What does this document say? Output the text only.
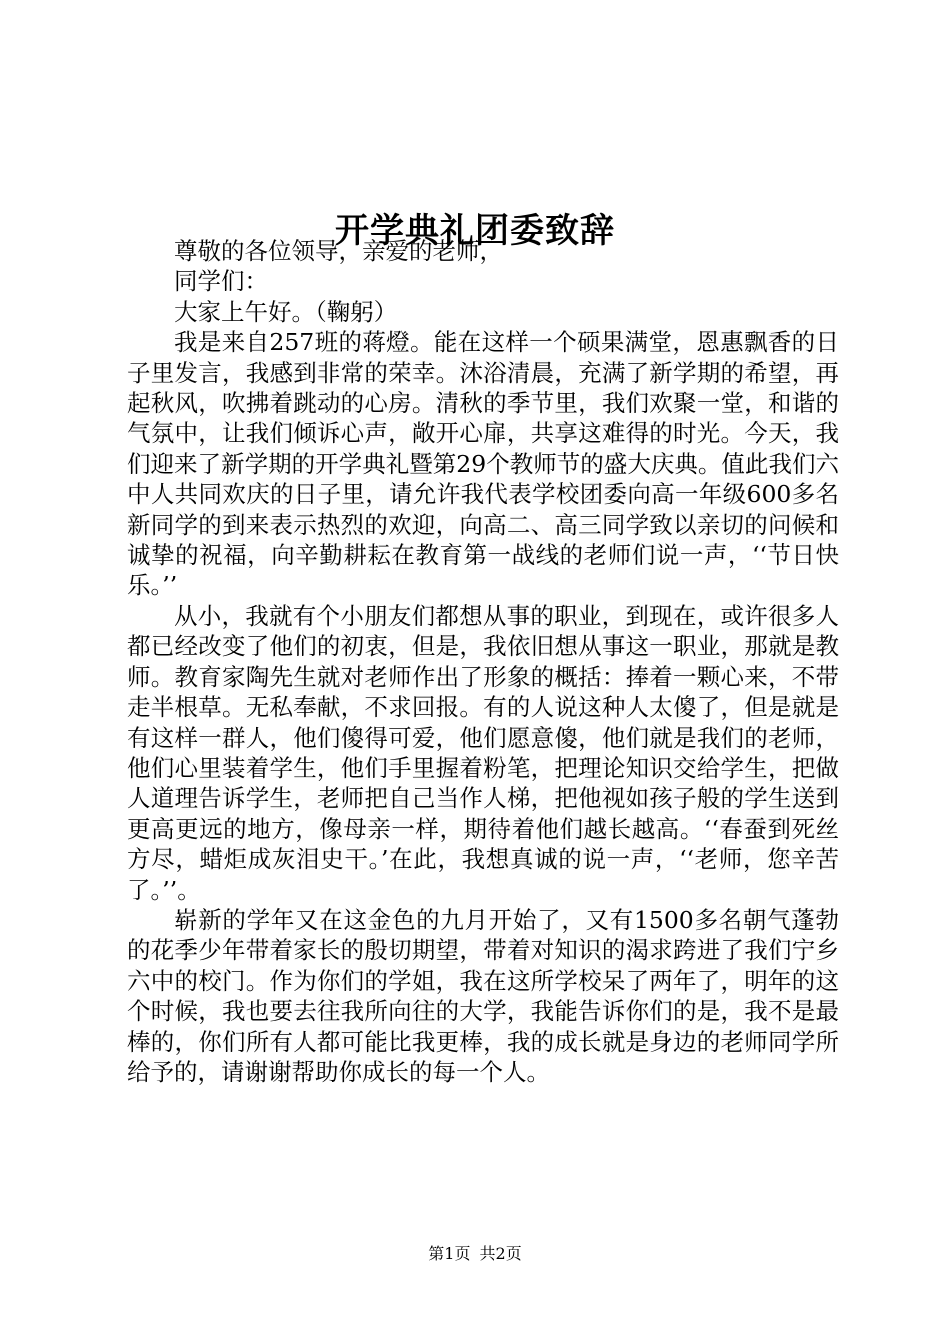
开学典礼团委致辞
尊敬的各位领导，亲爱的老师，
同学们：
大家上午好。（鞠躬）

我是来自257班的蒋燈。能在这样一个硕果满堂，恩惠飘香的日子里发言，我感到非常的荣幸。沐浴清晨，充满了新学期的希望，再起秋风，吹拂着跳动的心房。清秋的季节里，我们欢聚一堂，和谐的气氛中，让我们倾诉心声，敞开心扉，共享这难得的时光。今天，我们迎来了新学期的开学典礼暨第29个教师节的盛大庆典。值此我们六中人共同欢庆的日子里，请允许我代表学校团委向高一年级600多名新同学的到来表示热烈的欢迎，向高二、高三同学致以亲切的问候和诚挚的祝福，向辛勤耕耘在教育第一战线的老师们说一声，‘‘节日快乐。’’

从小，我就有个小朋友们都想从事的职业，到现在，或许很多人都已经改变了他们的初衷，但是，我依旧想从事这一职业，那就是教师。教育家陶先生就对老师作出了形象的概括：捧着一颗心来，不带走半根草。无私奉献，不求回报。有的人说这种人太傻了，但是就是有这样一群人，他们傻得可爱，他们愿意傻，他们就是我们的老师，他们心里装着学生，他们手里握着粉笔，把理论知识交给学生，把做人道理告诉学生，老师把自己当作人梯，把他视如孩子般的学生送到更高更远的地方，像母亲一样，期待着他们越长越高。‘‘春蚕到死丝方尽，蜡炬成灰泪史干。’在此，我想真诚的说一声，‘‘老师，您辛苦了。’’。

崭新的学年又在这金色的九月开始了，又有1500多名朝气蓬勃的花季少年带着家长的殷切期望，带着对知识的渴求跨进了我们宁乡六中的校门。作为你们的学姐，我在这所学校呆了两年了，明年的这个时候，我也要去往我所向往的大学，我能告诉你们的是，我不是最棒的，你们所有人都可能比我更棒，我的成长就是身边的老师同学所给予的，请谢谢帮助你成长的每一个人。

第1页 共2页
